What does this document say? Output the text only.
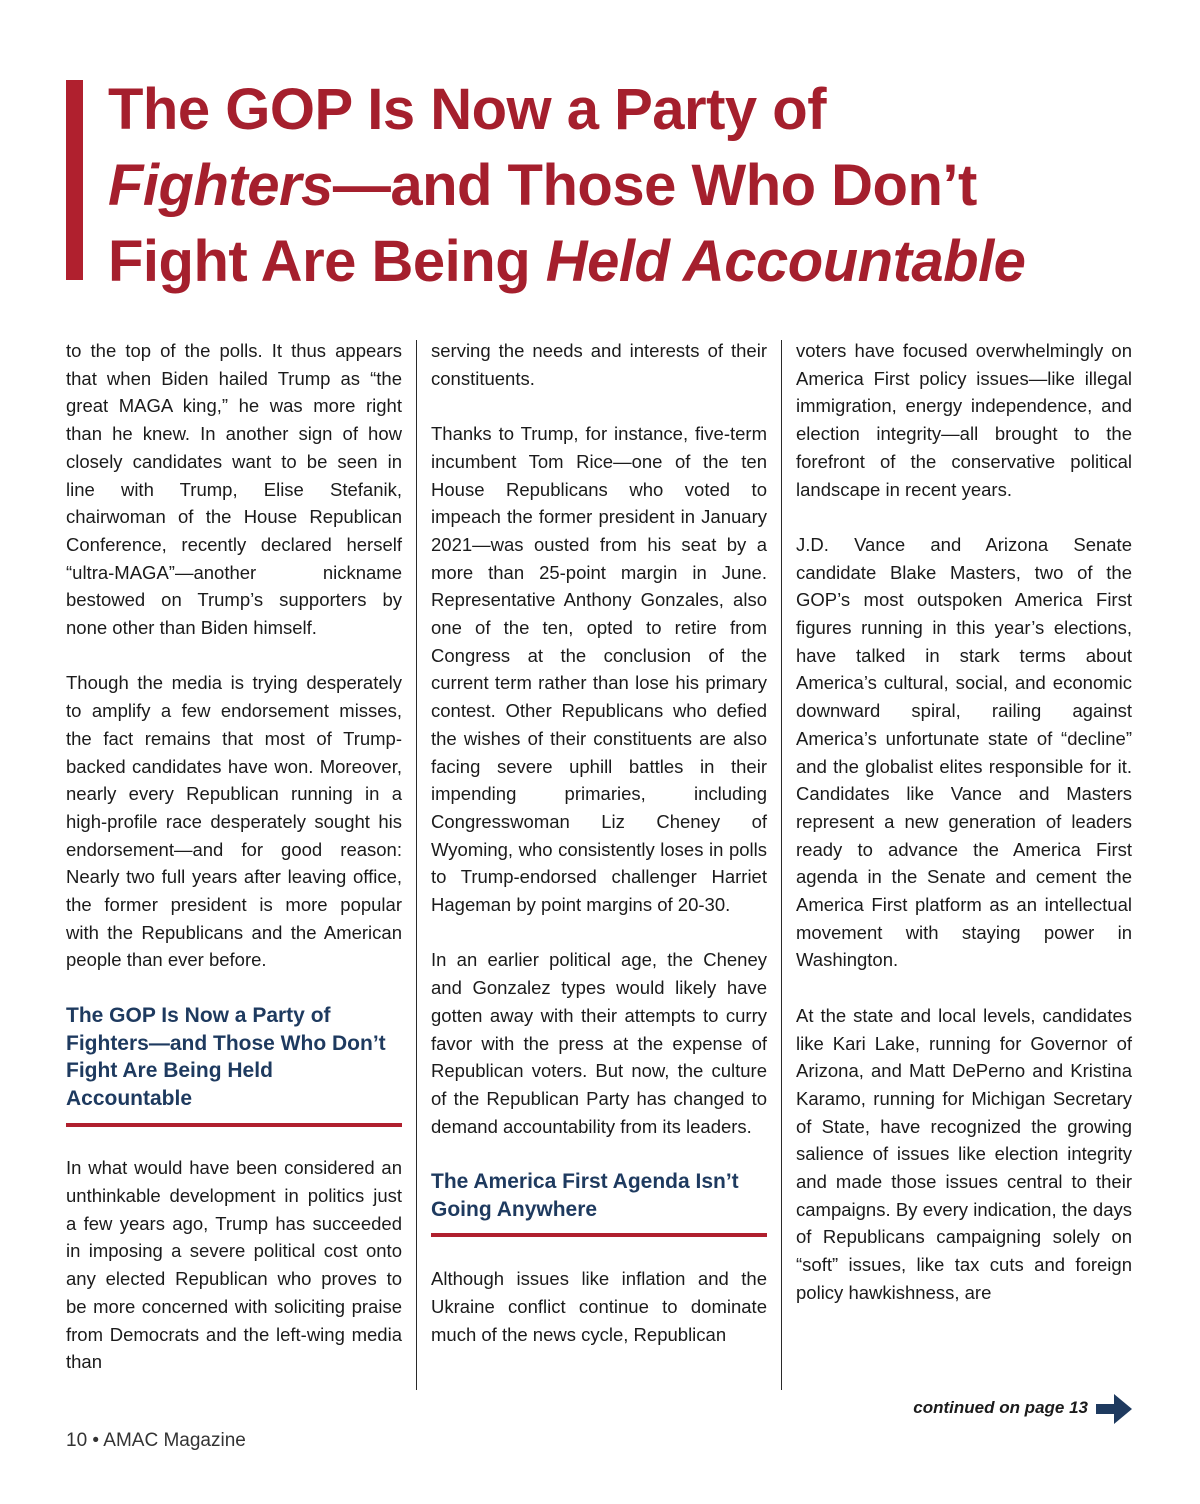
The GOP Is Now a Party of
Fighters—and Those Who Don’t
Fight Are Being Held Accountable

to the top of the polls. It thus appears that when Biden hailed Trump as “the great MAGA king,” he was more right than he knew. In another sign of how closely candidates want to be seen in line with Trump, Elise Stefanik, chairwoman of the House Republican Conference, recently declared herself “ultra-MAGA”—another nickname bestowed on Trump’s supporters by none other than Biden himself.

Though the media is trying desperately to amplify a few endorsement misses, the fact remains that most of Trump-backed candidates have won. Moreover, nearly every Republican running in a high-profile race desperately sought his endorsement—and for good reason: Nearly two full years after leaving office, the former president is more popular with the Republicans and the American people than ever before.

The GOP Is Now a Party of Fighters—and Those Who Don’t Fight Are Being Held Accountable

In what would have been considered an unthinkable development in politics just a few years ago, Trump has succeeded in imposing a severe political cost onto any elected Republican who proves to be more concerned with soliciting praise from Democrats and the left-wing media than

serving the needs and interests of their constituents.

Thanks to Trump, for instance, five-term incumbent Tom Rice—one of the ten House Republicans who voted to impeach the former president in January 2021—was ousted from his seat by a more than 25-point margin in June. Representative Anthony Gonzales, also one of the ten, opted to retire from Congress at the conclusion of the current term rather than lose his primary contest. Other Republicans who defied the wishes of their constituents are also facing severe uphill battles in their impending primaries, including Congresswoman Liz Cheney of Wyoming, who consistently loses in polls to Trump-endorsed challenger Harriet Hageman by point margins of 20-30.

In an earlier political age, the Cheney and Gonzalez types would likely have gotten away with their attempts to curry favor with the press at the expense of Republican voters. But now, the culture of the Republican Party has changed to demand accountability from its leaders.

The America First Agenda Isn’t Going Anywhere

Although issues like inflation and the Ukraine conflict continue to dominate much of the news cycle, Republican

voters have focused overwhelmingly on America First policy issues—like illegal immigration, energy independence, and election integrity—all brought to the forefront of the conservative political landscape in recent years.

J.D. Vance and Arizona Senate candidate Blake Masters, two of the GOP’s most outspoken America First figures running in this year’s elections, have talked in stark terms about America’s cultural, social, and economic downward spiral, railing against America’s unfortunate state of “decline” and the globalist elites responsible for it. Candidates like Vance and Masters represent a new generation of leaders ready to advance the America First agenda in the Senate and cement the America First platform as an intellectual movement with staying power in Washington.

At the state and local levels, candidates like Kari Lake, running for Governor of Arizona, and Matt DePerno and Kristina Karamo, running for Michigan Secretary of State, have recognized the growing salience of issues like election integrity and made those issues central to their campaigns. By every indication, the days of Republicans campaigning solely on “soft” issues, like tax cuts and foreign policy hawkishness, are

continued on page 13
10 • AMAC Magazine
